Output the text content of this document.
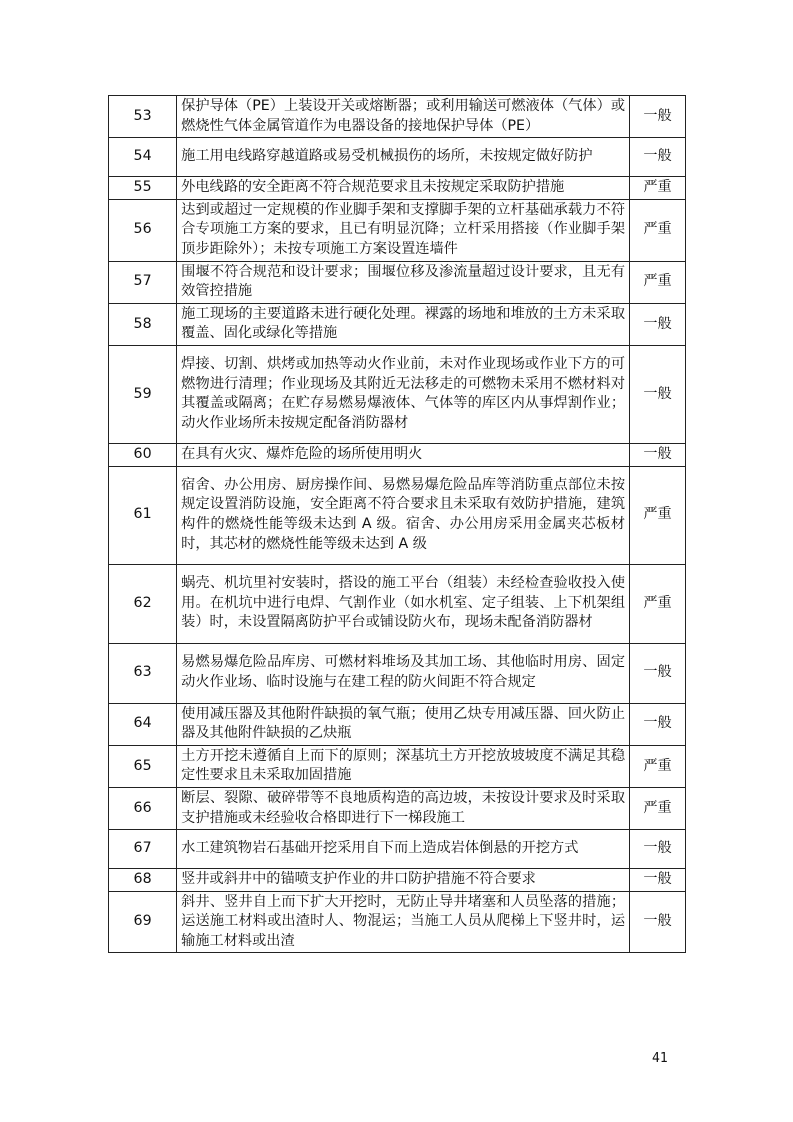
53	保护导体（PE）上装设开关或熔断器；或利用输送可燃液体（气体）或燃烧性气体金属管道作为电器设备的接地保护导体（PE）	一般
54	施工用电线路穿越道路或易受机械损伤的场所，未按规定做好防护	一般
55	外电线路的安全距离不符合规范要求且未按规定采取防护措施	严重
56	达到或超过一定规模的作业脚手架和支撑脚手架的立杆基础承载力不符合专项施工方案的要求，且已有明显沉降；立杆采用搭接（作业脚手架顶步距除外）；未按专项施工方案设置连墙件	严重
57	围堰不符合规范和设计要求；围堰位移及渗流量超过设计要求，且无有效管控措施	严重
58	施工现场的主要道路未进行硬化处理。裸露的场地和堆放的土方未采取覆盖、固化或绿化等措施	一般
59	焊接、切割、烘烤或加热等动火作业前，未对作业现场或作业下方的可燃物进行清理；作业现场及其附近无法移走的可燃物未采用不燃材料对其覆盖或隔离；在贮存易燃易爆液体、气体等的库区内从事焊割作业；动火作业场所未按规定配备消防器材	一般
60	在具有火灾、爆炸危险的场所使用明火	一般
61	宿舍、办公用房、厨房操作间、易燃易爆危险品库等消防重点部位未按规定设置消防设施，安全距离不符合要求且未采取有效防护措施，建筑构件的燃烧性能等级未达到 A 级。宿舍、办公用房采用金属夹芯板材时，其芯材的燃烧性能等级未达到 A 级	严重
62	蜗壳、机坑里衬安装时，搭设的施工平台（组装）未经检查验收投入使用。在机坑中进行电焊、气割作业（如水机室、定子组装、上下机架组装）时，未设置隔离防护平台或铺设防火布，现场未配备消防器材	严重
63	易燃易爆危险品库房、可燃材料堆场及其加工场、其他临时用房、固定动火作业场、临时设施与在建工程的防火间距不符合规定	一般
64	使用减压器及其他附件缺损的氧气瓶；使用乙炔专用减压器、回火防止器及其他附件缺损的乙炔瓶	一般
65	土方开挖未遵循自上而下的原则；深基坑土方开挖放坡坡度不满足其稳定性要求且未采取加固措施	严重
66	断层、裂隙、破碎带等不良地质构造的高边坡，未按设计要求及时采取支护措施或未经验收合格即进行下一梯段施工	严重
67	水工建筑物岩石基础开挖采用自下而上造成岩体倒悬的开挖方式	一般
68	竖井或斜井中的锚喷支护作业的井口防护措施不符合要求	一般
69	斜井、竖井自上而下扩大开挖时，无防止导井堵塞和人员坠落的措施；运送施工材料或出渣时人、物混运；当施工人员从爬梯上下竖井时，运输施工材料或出渣	一般
41
